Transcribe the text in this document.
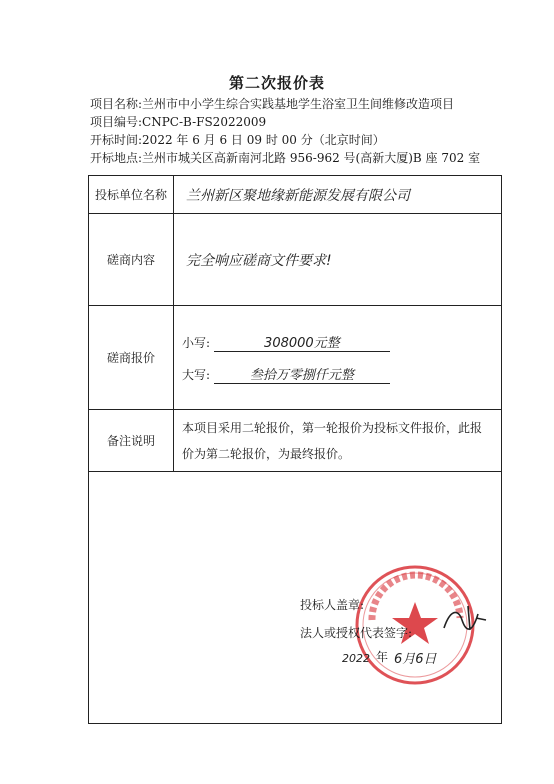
第二次报价表
项目名称:兰州市中小学生综合实践基地学生浴室卫生间维修改造项目
项目编号:CNPC-B-FS2022009
开标时间:2022 年 6 月 6 日 09 时 00 分（北京时间）
开标地点:兰州市城关区高新南河北路 956-962 号(高新大厦)B 座 702 室
投标单位名称	兰州新区聚地缘新能源发展有限公司
磋商内容	完全响应磋商文件要求!
磋商报价	小写: 308000元整
大写: 叁拾万零捌仟元整

备注说明	本项目采用二轮报价，第一轮报价为投标文件报价，此报价为第二轮报价，为最终报价。

投标人盖章:
法人或授权代表签字:
2022 年 6月6日
